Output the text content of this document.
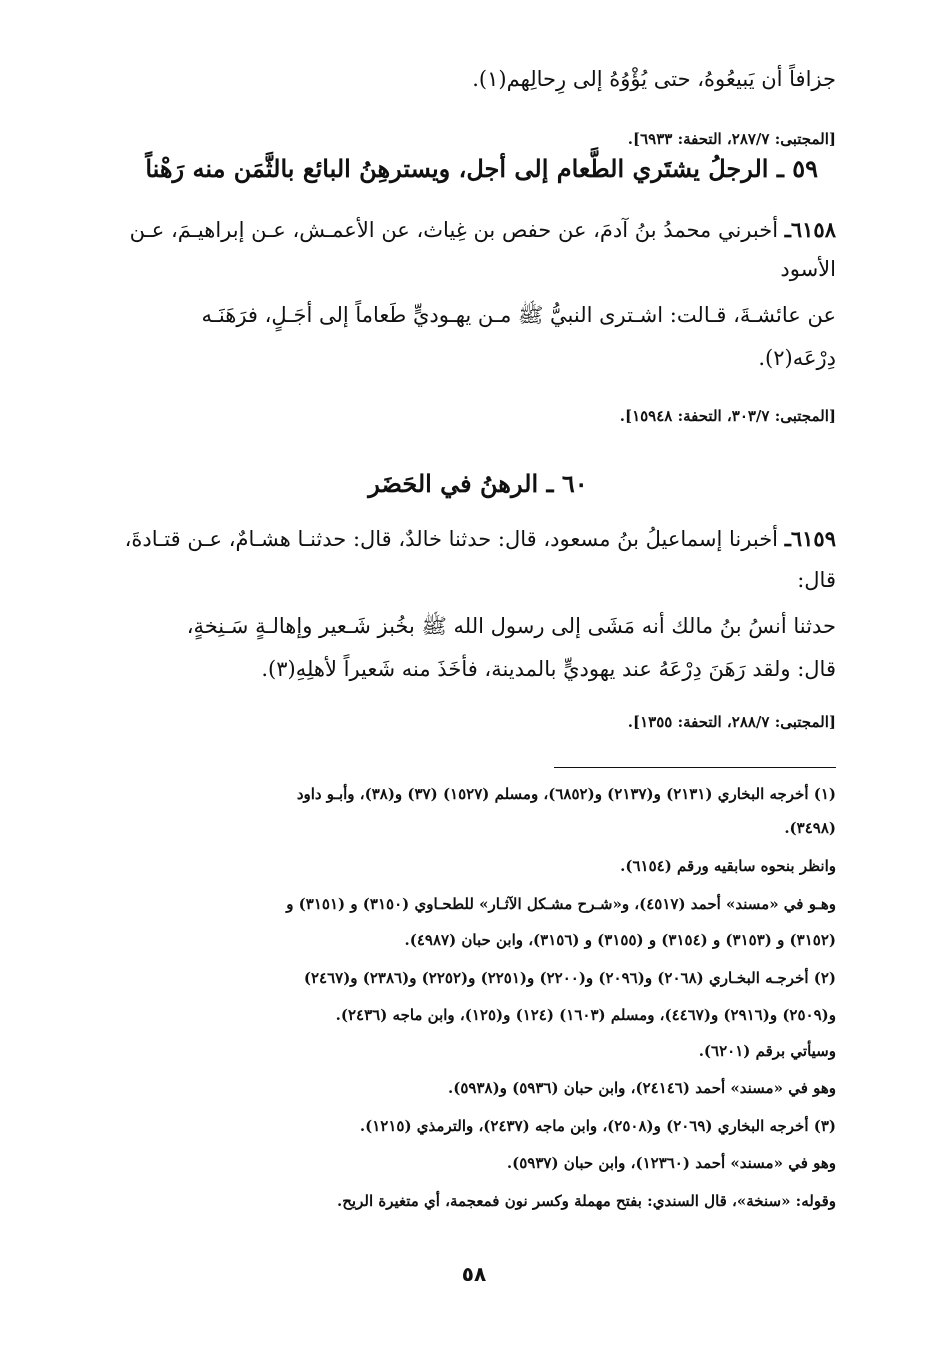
جزافاً أن يَبيعُوهُ، حتى يُؤْوُهُ إلى رِحالِهم(١).
[المجتبى: ٢٨٧/٧، التحفة: ٦٩٣٣].
٥٩ ـ الرجلُ يشتَري الطَّعام إلى أجل، ويسترهِنُ البائع بالثَّمَن منه رَهْناً
٦١٥٨ـ أخبرني محمدُ بنُ آدمَ، عن حفص بن غِياث، عن الأعمـش، عـن إبراهيـمَ، عـن
الأسود
عن عائشـةَ، قـالت: اشـترى النبيُّ ﷺ مـن يهـوديٍّ طَعاماً إلى أجَـلٍ، فرَهَنَـه
دِرْعَه(٢).
[المجتبى: ٣٠٣/٧، التحفة: ١٥٩٤٨].
٦٠ ـ الرهنُ في الحَضَر
٦١٥٩ـ أخبرنا إسماعيلُ بنُ مسعود، قال: حدثنا خالدٌ، قال: حدثنـا هشـامٌ، عـن قتـادةَ،
قال:
حدثنا أنسُ بنُ مالك أنه مَشَى إلى رسول الله ﷺ بخُبز شَـعير وإهالـةٍ سَـنِخةٍ،
قال: ولقد رَهَنَ دِرْعَهُ عند يهوديٍّ بالمدينة، فأخَذَ منه شَعيراً لأهلِهِ(٣).
[المجتبى: ٢٨٨/٧، التحفة: ١٣٥٥].
(١) أخرجه البخاري (٢١٣١) و(٢١٣٧) و(٦٨٥٢)، ومسلم (١٥٢٧) (٣٧) و(٣٨)، وأبـو داود
(٣٤٩٨).
وانظر بنحوه سابقيه ورقم (٦١٥٤).
وهـو في «مسند» أحمد (٤٥١٧)، و«شـرح مشـكل الآثـار» للطحـاوي (٣١٥٠) و (٣١٥١) و
(٣١٥٢) و (٣١٥٣) و (٣١٥٤) و (٣١٥٥) و (٣١٥٦)، وابن حبان (٤٩٨٧).
(٢) أخرجـه البخـاري (٢٠٦٨) و(٢٠٩٦) و(٢٢٠٠) و(٢٢٥١) و(٢٢٥٢) و(٢٣٨٦) و(٢٤٦٧)
و(٢٥٠٩) و(٢٩١٦) و(٤٤٦٧)، ومسلم (١٦٠٣) (١٢٤) و(١٢٥)، وابن ماجه (٢٤٣٦).
وسيأتي برقم (٦٢٠١).
وهو في «مسند» أحمد (٢٤١٤٦)، وابن حبان (٥٩٣٦) و(٥٩٣٨).
(٣) أخرجه البخاري (٢٠٦٩) و(٢٥٠٨)، وابن ماجه (٢٤٣٧)، والترمذي (١٢١٥).
وهو في «مسند» أحمد (١٢٣٦٠)، وابن حبان (٥٩٣٧).
وقوله: «سنخة»، قال السندي: بفتح مهملة وكسر نون فمعجمة، أي متغيرة الريح.
٥٨
